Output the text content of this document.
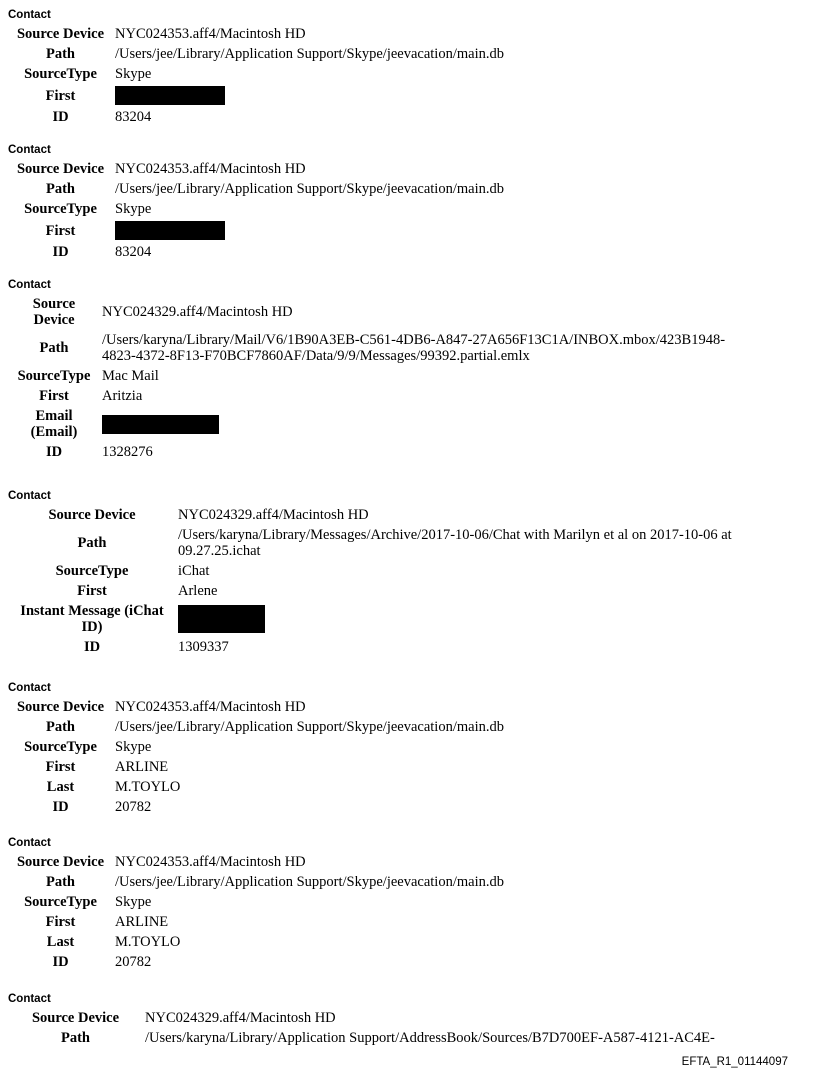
Contact
Source Device	NYC024353.aff4/Macintosh HD
Path	/Users/jee/Library/Application Support/Skype/jeevacation/main.db
SourceType	Skype
First	
ID	83204
Contact
Source Device	NYC024353.aff4/Macintosh HD
Path	/Users/jee/Library/Application Support/Skype/jeevacation/main.db
SourceType	Skype
First	
ID	83204
Contact
Source
Device	NYC024329.aff4/Macintosh HD
Path	/Users/karyna/Library/Mail/V6/1B90A3EB-C561-4DB6-A847-27A656F13C1A/INBOX.mbox/423B1948-
4823-4372-8F13-F70BCF7860AF/Data/9/9/Messages/99392.partial.emlx
SourceType	Mac Mail
First	Aritzia
Email
(Email)	
ID	1328276
Contact
Source Device	NYC024329.aff4/Macintosh HD
Path	/Users/karyna/Library/Messages/Archive/2017-10-06/Chat with Marilyn et al on 2017-10-06 at
09.27.25.ichat
SourceType	iChat
First	Arlene
Instant Message (iChat
ID)	
ID	1309337
Contact
Source Device	NYC024353.aff4/Macintosh HD
Path	/Users/jee/Library/Application Support/Skype/jeevacation/main.db
SourceType	Skype
First	ARLINE
Last	M.TOYLO
ID	20782
Contact
Source Device	NYC024353.aff4/Macintosh HD
Path	/Users/jee/Library/Application Support/Skype/jeevacation/main.db
SourceType	Skype
First	ARLINE
Last	M.TOYLO
ID	20782
Contact
Source Device	NYC024329.aff4/Macintosh HD
Path	/Users/karyna/Library/Application Support/AddressBook/Sources/B7D700EF-A587-4121-AC4E-
EFTA_R1_01144097
